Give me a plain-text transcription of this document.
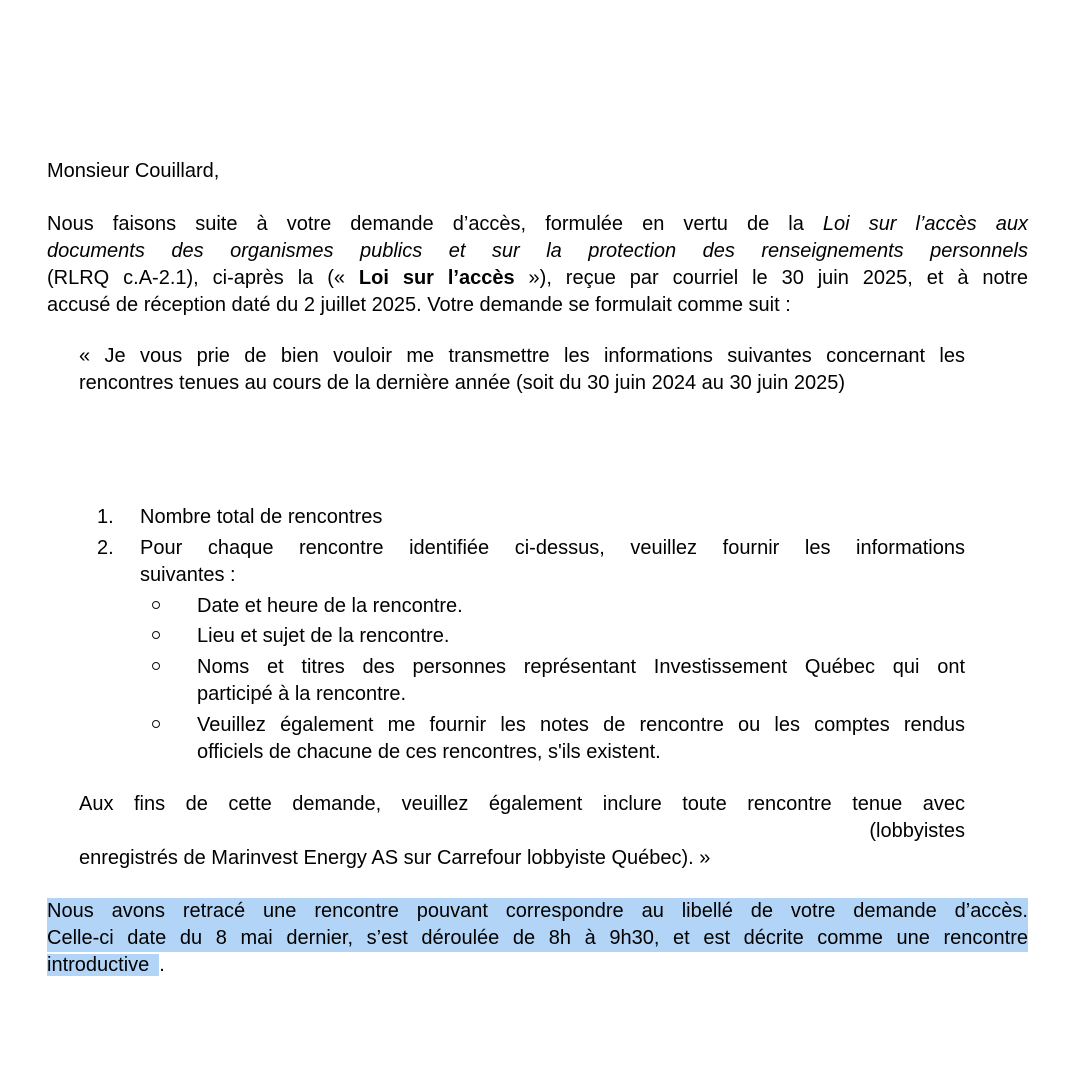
Monsieur Couillard,
Nous faisons suite à votre demande d’accès, formulée en vertu de la Loi sur l’accès aux
documents des organismes publics et sur la protection des renseignements personnels
(RLRQ c.A-2.1), ci-après la (« Loi sur l’accès »), reçue par courriel le 30 juin 2025, et à notre
accusé de réception daté du 2 juillet 2025. Votre demande se formulait comme suit :
« Je vous prie de bien vouloir me transmettre les informations suivantes concernant les
rencontres tenues au cours de la dernière année (soit du 30 juin 2024 au 30 juin 2025)
1. Nombre total de rencontres
2. Pour chaque rencontre identifiée ci-dessus, veuillez fournir les informations
suivantes :
Date et heure de la rencontre.
Lieu et sujet de la rencontre.
Noms et titres des personnes représentant Investissement Québec qui ont
participé à la rencontre.
Veuillez également me fournir les notes de rencontre ou les comptes rendus
officiels de chacune de ces rencontres, s'ils existent.
Aux fins de cette demande, veuillez également inclure toute rencontre tenue avec
(lobbyistes
enregistrés de Marinvest Energy AS sur Carrefour lobbyiste Québec). »
Nous avons retracé une rencontre pouvant correspondre au libellé de votre demande d’accès.
Celle-ci date du 8 mai dernier, s’est déroulée de 8h à 9h30, et est décrite comme une rencontre
introductive .
